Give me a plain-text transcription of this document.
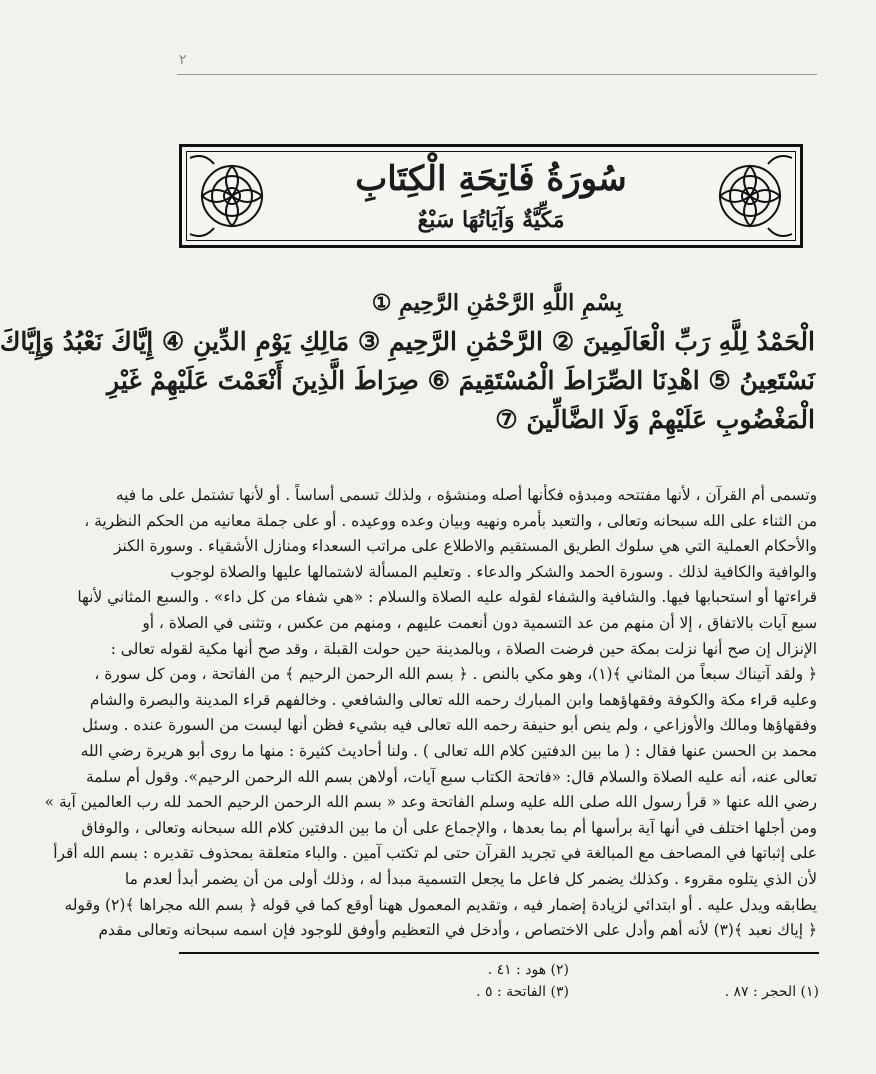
٢
سُورَةُ فَاتِحَةِ الْكِتَابِ
مَكِّيَّةٌ وَآيَاتُهَا سَبْعٌ
بِسْمِ اللَّهِ الرَّحْمَٰنِ الرَّحِيمِ ①
الْحَمْدُ لِلَّهِ رَبِّ الْعَالَمِينَ ② الرَّحْمَٰنِ الرَّحِيمِ ③ مَالِكِ يَوْمِ الدِّينِ ④ إِيَّاكَ نَعْبُدُ وَإِيَّاكَ
نَسْتَعِينُ ⑤ اهْدِنَا الصِّرَاطَ الْمُسْتَقِيمَ ⑥ صِرَاطَ الَّذِينَ أَنْعَمْتَ عَلَيْهِمْ غَيْرِ
الْمَغْضُوبِ عَلَيْهِمْ وَلَا الضَّالِّينَ ⑦
وتسمى أم القرآن ، لأنها مفتتحه ومبدؤه فكأنها أصله ومنشؤه ، ولذلك تسمى أساساً . أو لأنها تشتمل على ما فيه
من الثناء على الله سبحانه وتعالى ، والتعبد بأمره ونهيه وبيان وعده ووعيده . أو على جملة معانيه من الحكم النظرية ،
والأحكام العملية التي هي سلوك الطريق المستقيم والاطلاع على مراتب السعداء ومنازل الأشقياء . وسورة الكنز
والوافية والكافية لذلك . وسورة الحمد والشكر والدعاء . وتعليم المسألة لاشتمالها عليها والصلاة لوجوب
قراءتها أو استحبابها فيها. والشافية والشفاء لقوله عليه الصلاة والسلام : «هي شفاء من كل داء» . والسبع المثاني لأنها
سبع آيات بالاتفاق ، إلا أن منهم من عد التسمية دون أنعمت عليهم ، ومنهم من عكس ، وتثنى في الصلاة ، أو
الإنزال إن صح أنها نزلت بمكة حين فرضت الصلاة ، وبالمدينة حين حولت القبلة ، وقد صح أنها مكية لقوله تعالى :
﴿ ولقد آتيناك سبعاً من المثاني ﴾(١)، وهو مكي بالنص . ﴿ بسم الله الرحمن الرحيم ﴾ من الفاتحة ، ومن كل سورة ،
وعليه قراء مكة والكوفة وفقهاؤهما وابن المبارك رحمه الله تعالى والشافعي . وخالفهم قراء المدينة والبصرة والشام
وفقهاؤها ومالك والأوزاعي ، ولم ينص أبو حنيفة رحمه الله تعالى فيه بشيء فظن أنها ليست من السورة عنده . وسئل
محمد بن الحسن عنها فقال : ( ما بين الدفتين كلام الله تعالى ) . ولنا أحاديث كثيرة : منها ما روى أبو هريرة رضي الله
تعالى عنه، أنه عليه الصلاة والسلام قال: «فاتحة الكتاب سبع آيات، أولاهن بسم الله الرحمن الرحيم». وقول أم سلمة
رضي الله عنها « قرأ رسول الله صلى الله عليه وسلم الفاتحة وعد « بسم الله الرحمن الرحيم الحمد لله رب العالمين آية »
ومن أجلها اختلف في أنها آية برأسها أم بما بعدها ، والإجماع على أن ما بين الدفتين كلام الله سبحانه وتعالى ، والوفاق
على إثباتها في المصاحف مع المبالغة في تجريد القرآن حتى لم تكتب آمين . والباء متعلقة بمحذوف تقديره : بسم الله أقرأ
لأن الذي يتلوه مقروء . وكذلك يضمر كل فاعل ما يجعل التسمية مبدأ له ، وذلك أولى من أن يضمر أبدأ لعدم ما
يطابقه ويدل عليه . أو ابتدائي لزيادة إضمار فيه ، وتقديم المعمول ههنا أوقع كما في قوله ﴿ بسم الله مجراها ﴾(٢) وقوله
﴿ إياك نعبد ﴾(٣) لأنه أهم وأدل على الاختصاص ، وأدخل في التعظيم وأوفق للوجود فإن اسمه سبحانه وتعالى مقدم
(١) الحجر : ٨٧ .
(٢) هود : ٤١ .
(٣) الفاتحة : ٥ .
